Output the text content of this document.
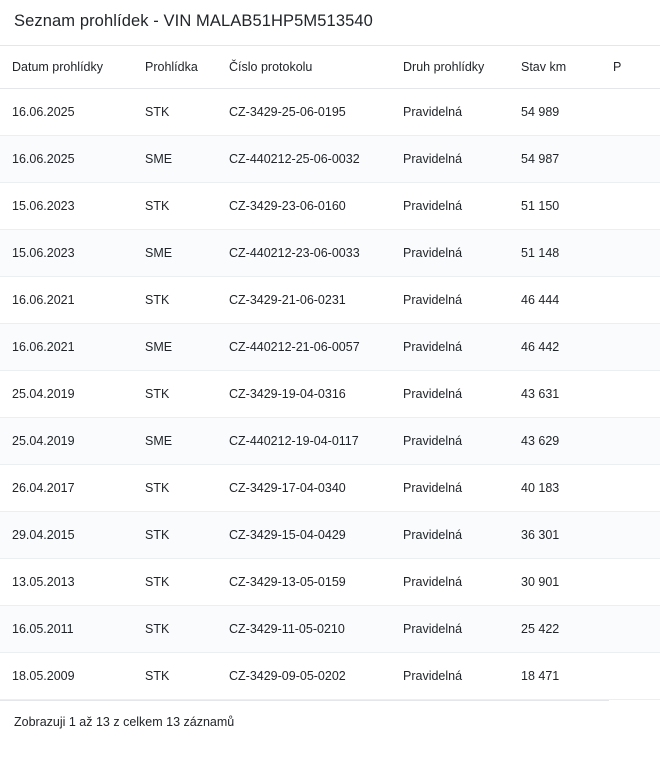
Seznam prohlídek - VIN MALAB51HP5M513540
Datum prohlídky	Prohlídka	Číslo protokolu	Druh prohlídky	Stav km	P
16.06.2025	STK	CZ-3429-25-06-0195	Pravidelná	54 989	
16.06.2025	SME	CZ-440212-25-06-0032	Pravidelná	54 987	
15.06.2023	STK	CZ-3429-23-06-0160	Pravidelná	51 150	
15.06.2023	SME	CZ-440212-23-06-0033	Pravidelná	51 148	
16.06.2021	STK	CZ-3429-21-06-0231	Pravidelná	46 444	
16.06.2021	SME	CZ-440212-21-06-0057	Pravidelná	46 442	
25.04.2019	STK	CZ-3429-19-04-0316	Pravidelná	43 631	
25.04.2019	SME	CZ-440212-19-04-0117	Pravidelná	43 629	
26.04.2017	STK	CZ-3429-17-04-0340	Pravidelná	40 183	
29.04.2015	STK	CZ-3429-15-04-0429	Pravidelná	36 301	
13.05.2013	STK	CZ-3429-13-05-0159	Pravidelná	30 901	
16.05.2011	STK	CZ-3429-11-05-0210	Pravidelná	25 422	
18.05.2009	STK	CZ-3429-09-05-0202	Pravidelná	18 471	
Zobrazuji 1 až 13 z celkem 13 záznamů
